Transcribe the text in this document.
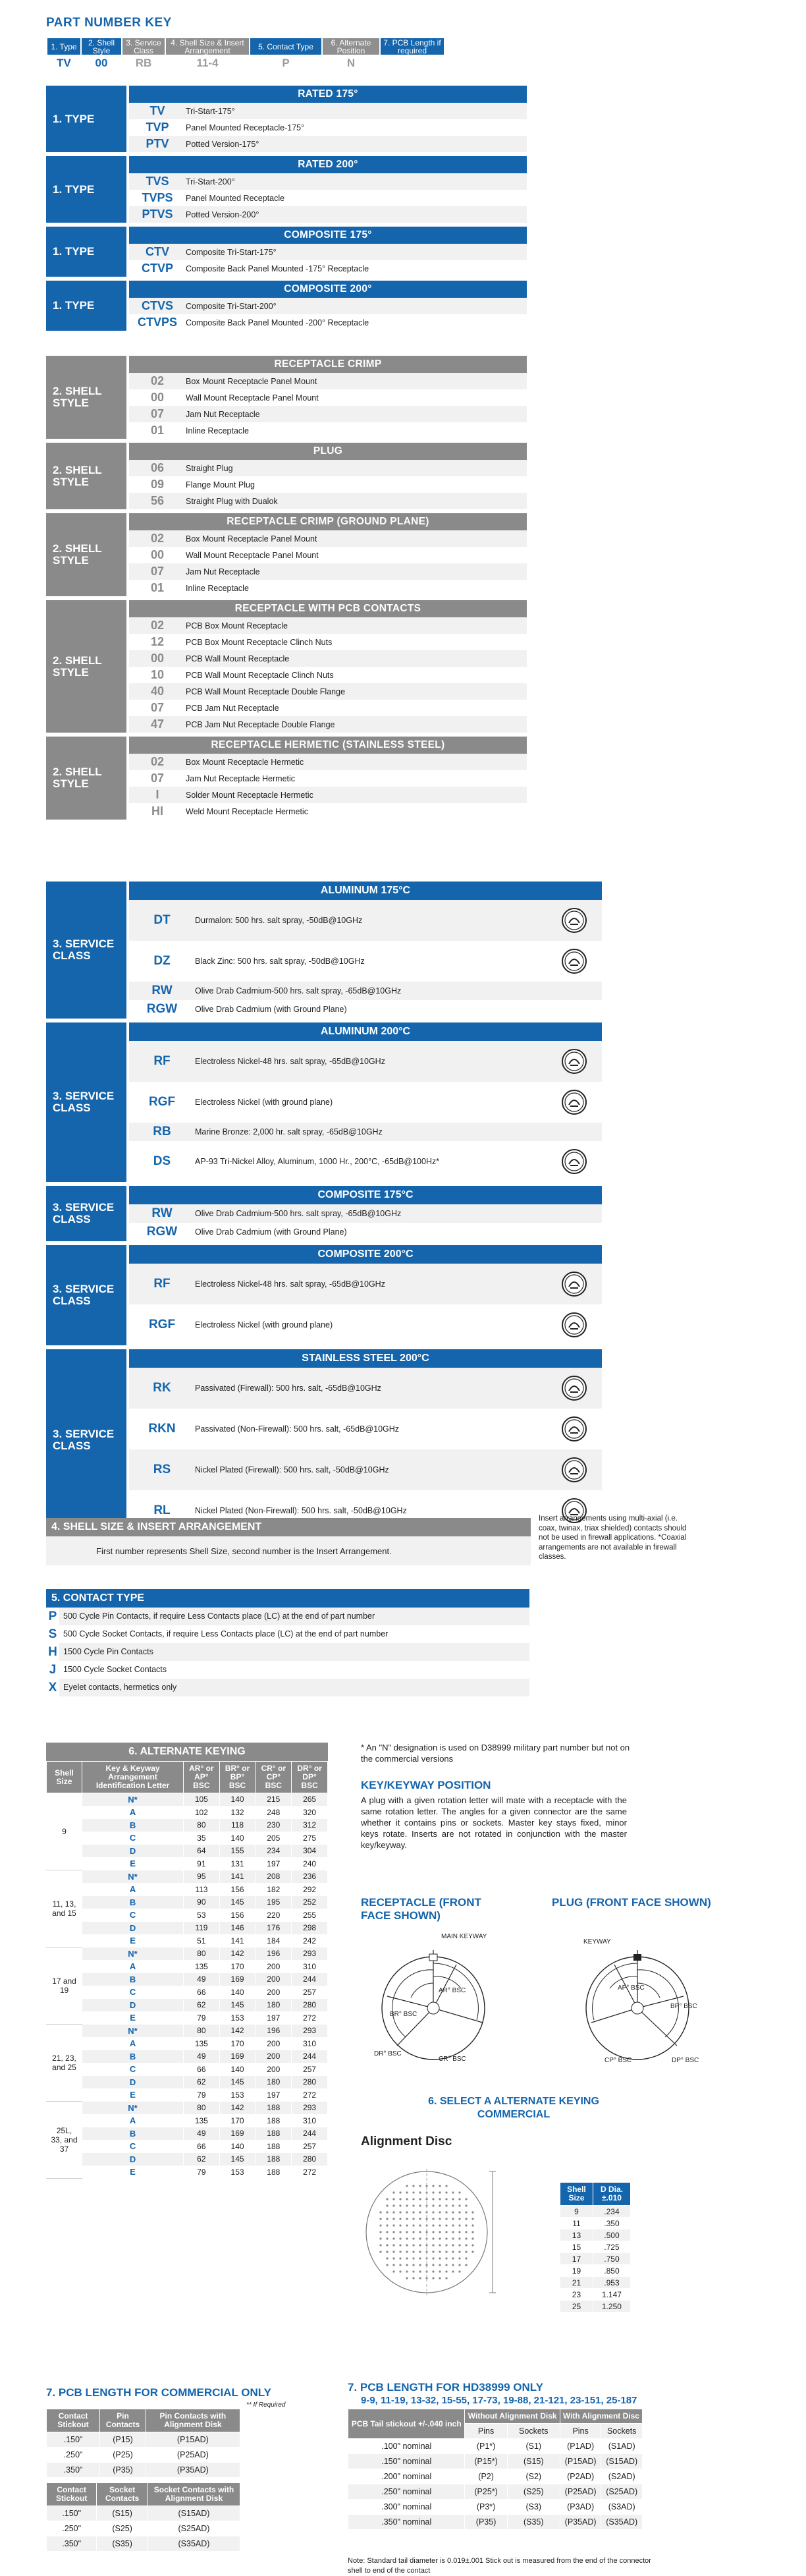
PART NUMBER KEY
1. Type	2. Shell Style	3. Service Class	4. Shell Size & Insert Arrangement	5. Contact Type	6. Alternate Position	7. PCB Length if required
TV	00	RB	11-4	P	N	
RATED 175°
1. TYPE
TV	Tri-Start-175°
TVP	Panel Mounted Receptacle-175°
PTV	Potted Version-175°
RATED 200°
1. TYPE
TVS	Tri-Start-200°
TVPS	Panel Mounted Receptacle
PTVS	Potted Version-200°
COMPOSITE 175°
1. TYPE	CTV	Composite Tri-Start-175°
CTVP	Composite Back Panel Mounted -175° Receptacle
COMPOSITE 200°
1. TYPE	CTVS	Composite Tri-Start-200°
CTVPS	Composite Back Panel Mounted -200° Receptacle
RECEPTACLE CRIMP
2. SHELL STYLE
02	Box Mount Receptacle Panel Mount
00	Wall Mount Receptacle Panel Mount
07	Jam Nut Receptacle
01	Inline Receptacle
PLUG
2. SHELL STYLE
06	Straight Plug
09	Flange Mount Plug
56	Straight Plug with Dualok
RECEPTACLE CRIMP (GROUND PLANE)
2. SHELL STYLE
02	Box Mount Receptacle Panel Mount
00	Wall Mount Receptacle Panel Mount
07	Jam Nut Receptacle
01	Inline Receptacle
RECEPTACLE WITH PCB CONTACTS
2. SHELL STYLE
02	PCB Box Mount Receptacle
12	PCB Box Mount Receptacle Clinch Nuts
00	PCB Wall Mount Receptacle
10	PCB Wall Mount Receptacle Clinch Nuts
40	PCB Wall Mount Receptacle Double Flange
07	PCB Jam Nut Receptacle
47	PCB Jam Nut Receptacle Double Flange
RECEPTACLE HERMETIC (STAINLESS STEEL)
2. SHELL STYLE
02	Box Mount Receptacle Hermetic
07	Jam Nut Receptacle Hermetic
I	Solder Mount Receptacle Hermetic
HI	Weld Mount Receptacle Hermetic
ALUMINUM 175°C
3. SERVICE CLASS
DT	Durmalon: 500 hrs. salt spray, -50dB@10GHz
DZ	Black Zinc: 500 hrs. salt spray, -50dB@10GHz
RW	Olive Drab Cadmium-500 hrs. salt spray, -65dB@10GHz
RGW	Olive Drab Cadmium (with Ground Plane)
ALUMINUM 200°C
3. SERVICE CLASS
RF	Electroless Nickel-48 hrs. salt spray, -65dB@10GHz
RGF	Electroless Nickel (with ground plane)
RB	Marine Bronze: 2,000 hr. salt spray, -65dB@10GHz
DS	AP-93 Tri-Nickel Alloy, Aluminum, 1000 Hr., 200°C, -65dB@100Hz*
COMPOSITE 175°C
3. SERVICE CLASS	RW	Olive Drab Cadmium-500 hrs. salt spray, -65dB@10GHz
RGW	Olive Drab Cadmium (with Ground Plane)
COMPOSITE 200°C
3. SERVICE CLASS
RF	Electroless Nickel-48 hrs. salt spray, -65dB@10GHz
RGF	Electroless Nickel (with ground plane)
STAINLESS STEEL 200°C
3. SERVICE CLASS
RK	Passivated (Firewall): 500 hrs. salt, -65dB@10GHz
RKN	Passivated (Non-Firewall): 500 hrs. salt, -65dB@10GHz
RS	Nickel Plated (Firewall): 500 hrs. salt, -50dB@10GHz
RL	Nickel Plated (Non-Firewall): 500 hrs. salt, -50dB@10GHz
4. SHELL SIZE & INSERT ARRANGEMENT
First number represents Shell Size, second number is the Insert Arrangement.
Insert arrangements using multi-axial (i.e. coax, twinax, triax shielded) contacts should not be used in firewall applications. *Coaxial arrangements are not available in firewall classes.
5. CONTACT TYPE
P 500 Cycle Pin Contacts, if require Less Contacts place (LC) at the end of part number
S 500 Cycle Socket Contacts, if require Less Contacts place (LC) at the end of part number
H 1500 Cycle Pin Contacts
J 1500 Cycle Socket Contacts
X Eyelet contacts, hermetics only
6. ALTERNATE KEYING
Shell Size	Key & Keyway Arrangement Identification Letter	AR° or AP° BSC	BR° or BP° BSC	CR° or CP° BSC	DR° or DP° BSC
9	N*	105	140	215	265
	A	102	132	248	320
	B	80	118	230	312
	C	35	140	205	275
	D	64	155	234	304
	E	91	131	197	240
11, 13, and 15	N*	95	141	208	236
	A	113	156	182	292
	B	90	145	195	252
	C	53	156	220	255
	D	119	146	176	298
	E	51	141	184	242
17 and 19	N*	80	142	196	293
	A	135	170	200	310
	B	49	169	200	244
	C	66	140	200	257
	D	62	145	180	280
	E	79	153	197	272
21, 23, and 25	N*	80	142	196	293
	A	135	170	200	310
	B	49	169	200	244
	C	66	140	200	257
	D	62	145	180	280
	E	79	153	197	272
25L, 33, and 37	N*	80	142	188	293
	A	135	170	188	310
	B	49	169	188	244
	C	66	140	188	257
	D	62	145	188	280
	E	79	153	188	272
* An "N" designation is used on D38999 military part number but not on the commercial versions
KEY/KEYWAY POSITION
A plug with a given rotation letter will mate with a receptacle with the same rotation letter. The angles for a given connector are the same whether it contains pins or sockets. Master key stays fixed, minor keys rotate. Inserts are not rotated in conjunction with the master key/keyway.
RECEPTACLE (FRONT FACE SHOWN)
PLUG (FRONT FACE SHOWN)
MAIN KEYWAY
AR° BSC
BR° BSC
DR° BSC
CR° BSC
KEYWAY
AP° BSC
BP° BSC
CP° BSC	DP° BSC
6. SELECT A ALTERNATE KEYING COMMERCIAL
Alignment Disc
Shell Size	D Dia. ±.010
9	.234
11	.350
13	.500
15	.725
17	.750
19	.850
21	.953
23	1.147
25	1.250
7. PCB LENGTH FOR COMMERCIAL ONLY
** If Required
Contact Stickout	Pin Contacts	Pin Contacts with Alignment Disk
.150"	(P15)	(P15AD)
.250"	(P25)	(P25AD)
.350"	(P35)	(P35AD)
Contact Stickout	Socket Contacts	Socket Contacts with Alignment Disk
.150"	(S15)	(S15AD)
.250"	(S25)	(S25AD)
.350"	(S35)	(S35AD)
7. PCB LENGTH FOR HD38999 ONLY
9-9, 11-19, 13-32, 15-55, 17-73, 19-88, 21-121, 23-151, 25-187
PCB Tail stickout +/-.040 inch	Without Alignment Disk		With Alignment Disc	
	Pins	Sockets	Pins	Sockets
.100" nominal	(P1*)	(S1)	(P1AD)	(S1AD)
.150" nominal	(P15*)	(S15)	(P15AD)	(S15AD)
.200" nominal	(P2)	(S2)	(P2AD)	(S2AD)
.250" nominal	(P25*)	(S25)	(P25AD)	(S25AD)
.300" nominal	(P3*)	(S3)	(P3AD)	(S3AD)
.350" nominal	(P35)	(S35)	(P35AD)	(S35AD)
Note: Standard tail diameter is 0.019±.001 Stick out is measured from the end of the connector shell to end of the contact
